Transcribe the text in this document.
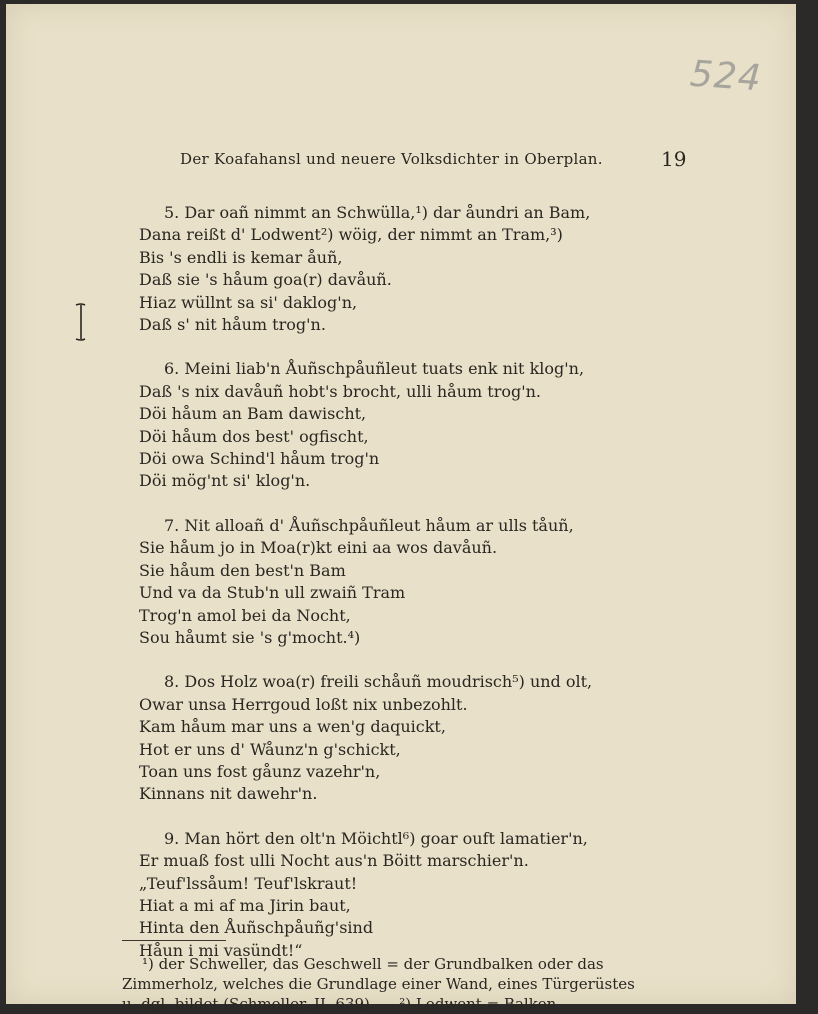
524
Der Koafahansl und neuere Volksdichter in Oberplan.	19
5. Dar oañ nimmt an Schwülla,¹) dar åundri an Bam,
Dana reißt d' Lodwent²) wöig, der nimmt an Tram,³)
Bis 's endli is kemar åuñ,
Daß sie 's håum goa(r) davåuñ.
Hiaz wüllnt sa si' daklog'n,
Daß s' nit håum trog'n.
6. Meini liab'n Åuñschpåuñleut tuats enk nit klog'n,
Daß 's nix davåuñ hobt's brocht, ulli håum trog'n.
Döi håum an Bam dawischt,
Döi håum dos best' ogfischt,
Döi owa Schind'l håum trog'n
Döi mög'nt si' klog'n.
7. Nit alloañ d' Åuñschpåuñleut håum ar ulls tåuñ,
Sie håum jo in Moa(r)kt eini aa wos davåuñ.
Sie håum den best'n Bam
Und va da Stub'n ull zwaiñ Tram
Trog'n amol bei da Nocht,
Sou håumt sie 's g'mocht.⁴)
8. Dos Holz woa(r) freili schåuñ moudrisch⁵) und olt,
Owar unsa Herrgoud loßt nix unbezohlt.
Kam håum mar uns a wen'g daquickt,
Hot er uns d' Wåunz'n g'schickt,
Toan uns fost gåunz vazehr'n,
Kinnans nit dawehr'n.
9. Man hört den olt'n Möichtl⁶) goar ouft lamatier'n,
Er muaß fost ulli Nocht aus'n Böitt marschier'n.
„Teuf'lssåum! Teuf'lskraut!
Hiat a mi af ma Jirin baut,
Hinta den Åuñschpåuñg'sind
Håun i mi vasündt!“
¹) der Schweller, das Geschwell = der Grundbalken oder das
Zimmerholz, welches die Grundlage einer Wand, eines Türgerüstes
u. dgl. bildet (Schmeller, II, 639). — ²) Lodwent = Balken
